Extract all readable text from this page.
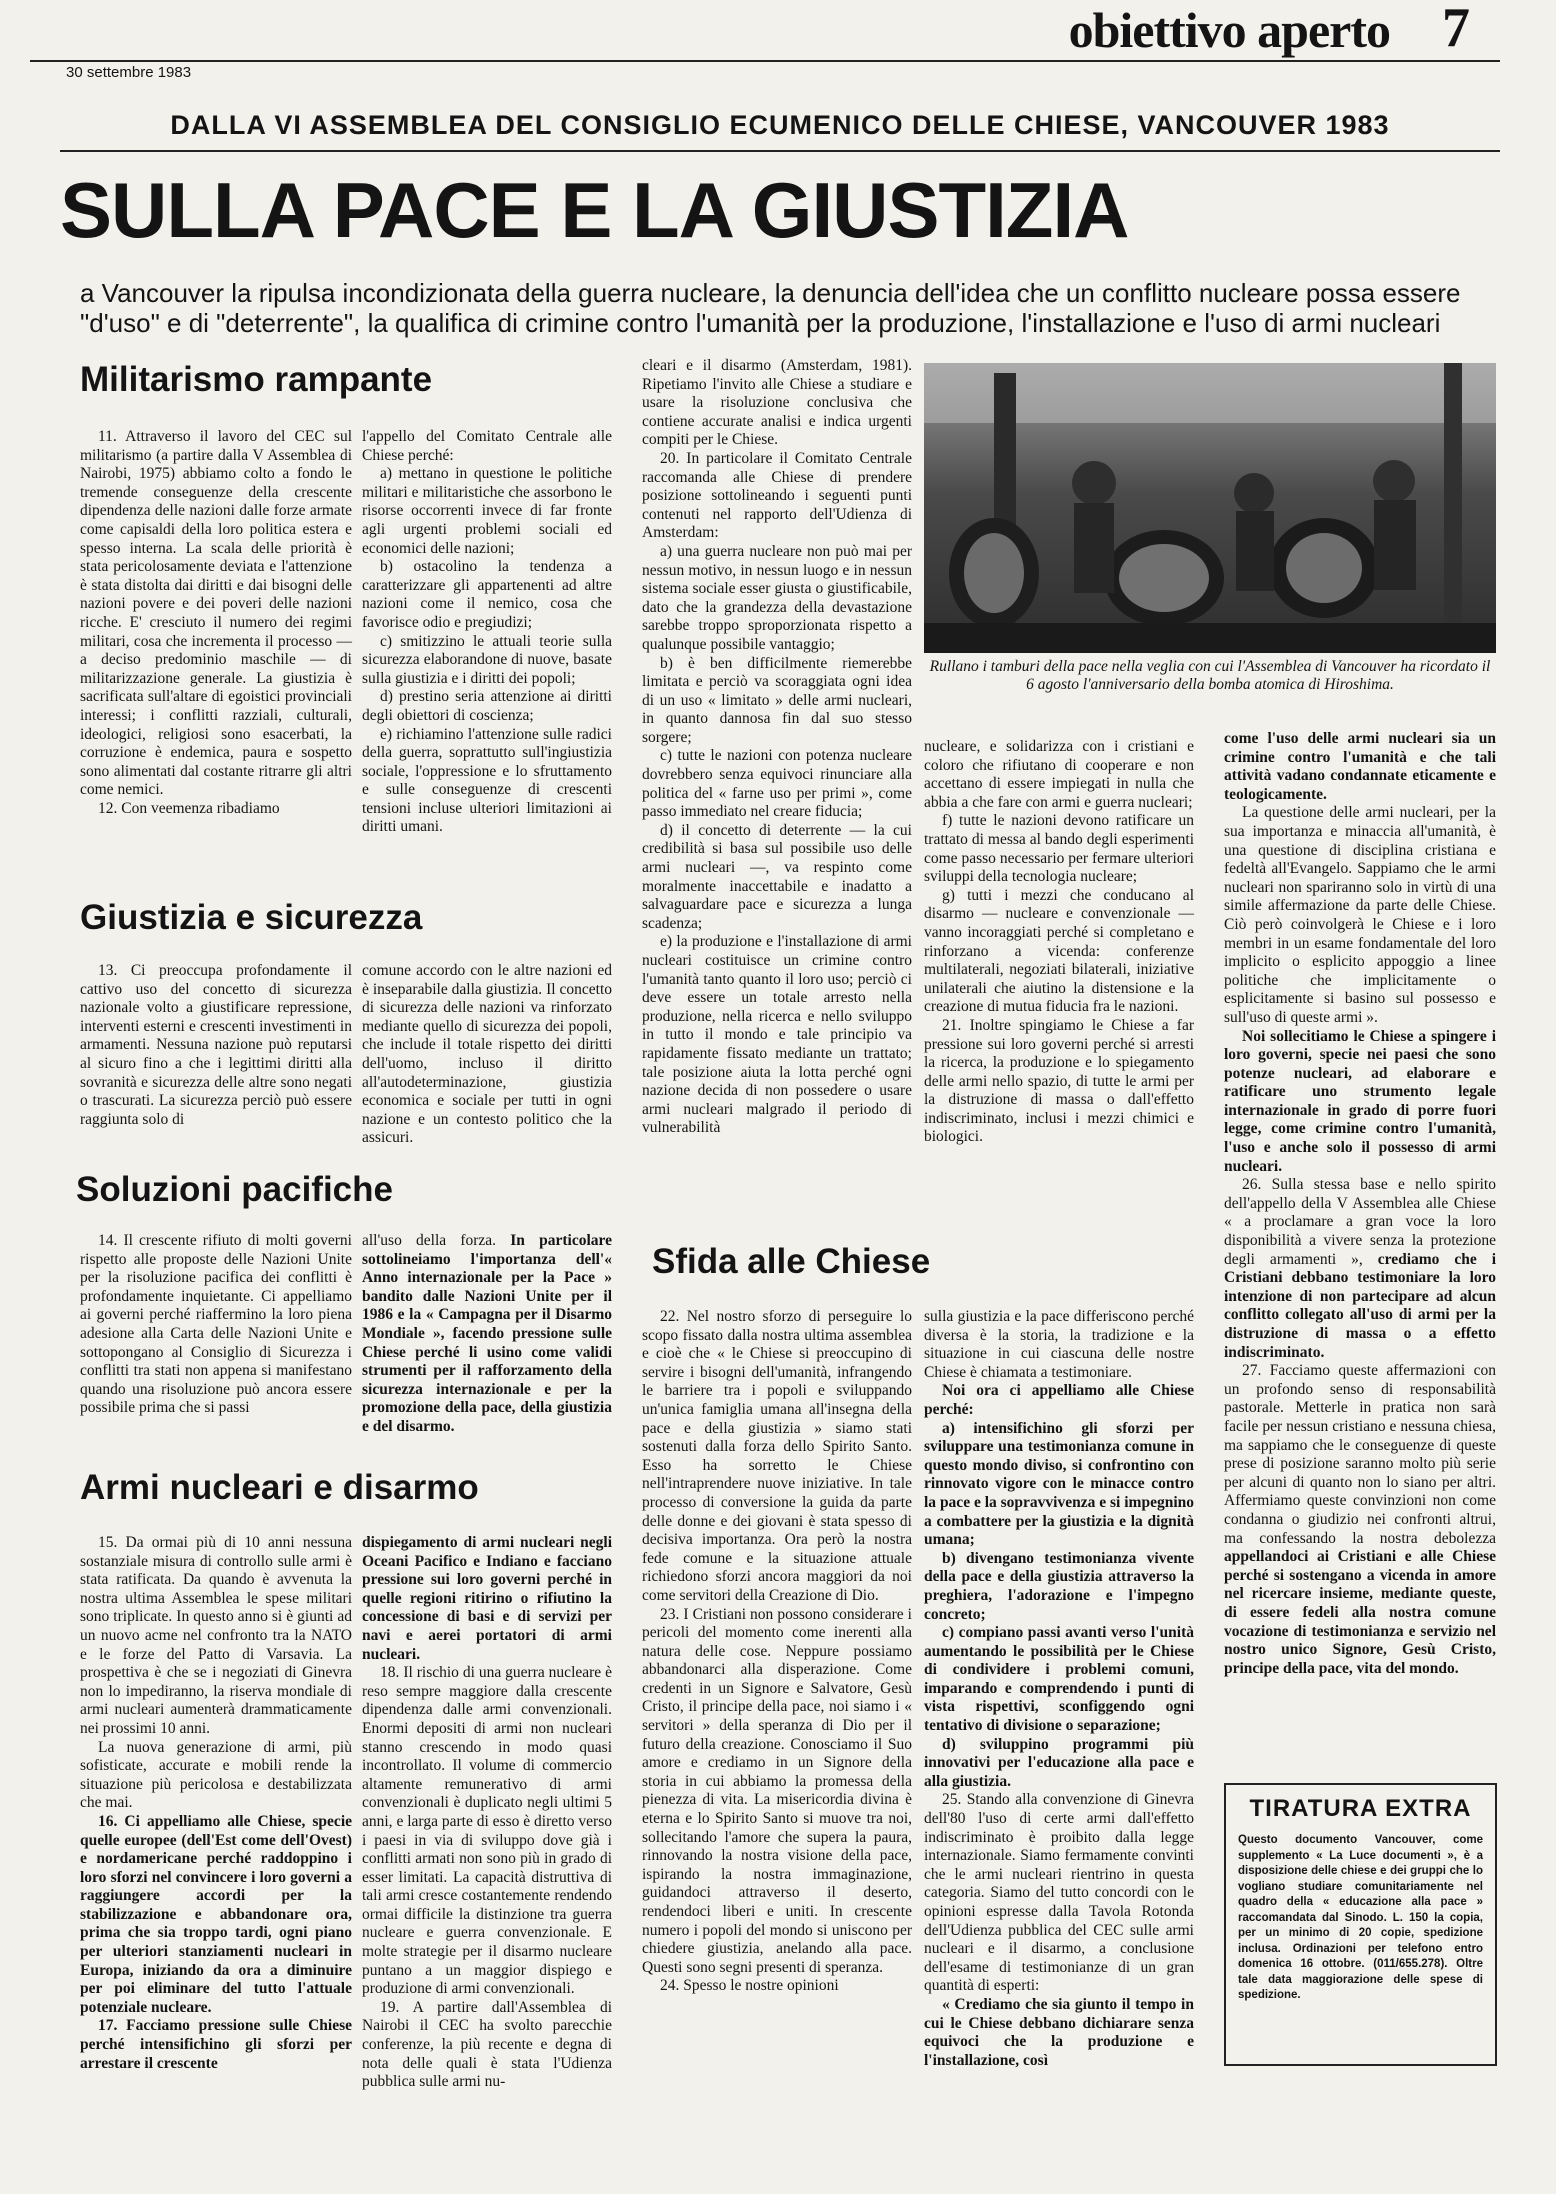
obiettivo aperto 7
30 settembre 1983
DALLA VI ASSEMBLEA DEL CONSIGLIO ECUMENICO DELLE CHIESE, VANCOUVER 1983
SULLA PACE E LA GIUSTIZIA
a Vancouver la ripulsa incondizionata della guerra nucleare, la denuncia dell'idea che un conflitto nucleare possa essere "d'uso" e di "deterrente", la qualifica di crimine contro l'umanità per la produzione, l'installazione e l'uso di armi nucleari
Militarismo rampante

11. Attraverso il lavoro del CEC sul militarismo (a partire dalla V Assemblea di Nairobi, 1975) abbiamo colto a fondo le tremende conseguenze della crescente dipendenza delle nazioni dalle forze armate come capisaldi della loro politica estera e spesso interna. La scala delle priorità è stata pericolosamente deviata e l'attenzione è stata distolta dai diritti e dai bisogni delle nazioni povere e dei poveri delle nazioni ricche. E' cresciuto il numero dei regimi militari, cosa che incrementa il processo — a deciso predominio maschile — di militarizzazione generale. La giustizia è sacrificata sull'altare di egoistici provinciali interessi; i conflitti razziali, culturali, ideologici, religiosi sono esacerbati, la corruzione è endemica, paura e sospetto sono alimentati dal costante ritrarre gli altri come nemici.

12. Con veemenza ribadiamo

l'appello del Comitato Centrale alle Chiese perché:

a) mettano in questione le politiche militari e militaristiche che assorbono le risorse occorrenti invece di far fronte agli urgenti problemi sociali ed economici delle nazioni;

b) ostacolino la tendenza a caratterizzare gli appartenenti ad altre nazioni come il nemico, cosa che favorisce odio e pregiudizi;

c) smitizzino le attuali teorie sulla sicurezza elaborandone di nuove, basate sulla giustizia e i diritti dei popoli;

d) prestino seria attenzione ai diritti degli obiettori di coscienza;

e) richiamino l'attenzione sulle radici della guerra, soprattutto sull'ingiustizia sociale, l'oppressione e lo sfruttamento e sulle conseguenze di crescenti tensioni incluse ulteriori limitazioni ai diritti umani.

Giustizia e sicurezza

13. Ci preoccupa profondamente il cattivo uso del concetto di sicurezza nazionale volto a giustificare repressione, interventi esterni e crescenti investimenti in armamenti. Nessuna nazione può reputarsi al sicuro fino a che i legittimi diritti alla sovranità e sicurezza delle altre sono negati o trascurati. La sicurezza perciò può essere raggiunta solo di

comune accordo con le altre nazioni ed è inseparabile dalla giustizia. Il concetto di sicurezza delle nazioni va rinforzato mediante quello di sicurezza dei popoli, che include il totale rispetto dei diritti dell'uomo, incluso il diritto all'autodeterminazione, giustizia economica e sociale per tutti in ogni nazione e un contesto politico che la assicuri.

Soluzioni pacifiche

14. Il crescente rifiuto di molti governi rispetto alle proposte delle Nazioni Unite per la risoluzione pacifica dei conflitti è profondamente inquietante. Ci appelliamo ai governi perché riaffermino la loro piena adesione alla Carta delle Nazioni Unite e sottopongano al Consiglio di Sicurezza i conflitti tra stati non appena si manifestano quando una risoluzione può ancora essere possibile prima che si passi

all'uso della forza. In particolare sottolineiamo l'importanza dell'« Anno internazionale per la Pace » bandito dalle Nazioni Unite per il 1986 e la « Campagna per il Disarmo Mondiale », facendo pressione sulle Chiese perché li usino come validi strumenti per il rafforzamento della sicurezza internazionale e per la promozione della pace, della giustizia e del disarmo.

Armi nucleari e disarmo

15. Da ormai più di 10 anni nessuna sostanziale misura di controllo sulle armi è stata ratificata. Da quando è avvenuta la nostra ultima Assemblea le spese militari sono triplicate. In questo anno si è giunti ad un nuovo acme nel confronto tra la NATO e le forze del Patto di Varsavia. La prospettiva è che se i negoziati di Ginevra non lo impediranno, la riserva mondiale di armi nucleari aumenterà drammaticamente nei prossimi 10 anni.

La nuova generazione di armi, più sofisticate, accurate e mobili rende la situazione più pericolosa e destabilizzata che mai.

16. Ci appelliamo alle Chiese, specie quelle europee (dell'Est come dell'Ovest) e nordamericane perché raddoppino i loro sforzi nel convincere i loro governi a raggiungere accordi per la stabilizzazione e abbandonare ora, prima che sia troppo tardi, ogni piano per ulteriori stanziamenti nucleari in Europa, iniziando da ora a diminuire per poi eliminare del tutto l'attuale potenziale nucleare.

17. Facciamo pressione sulle Chiese perché intensifichino gli sforzi per arrestare il crescente

dispiegamento di armi nucleari negli Oceani Pacifico e Indiano e facciano pressione sui loro governi perché in quelle regioni ritirino o rifiutino la concessione di basi e di servizi per navi e aerei portatori di armi nucleari.

18. Il rischio di una guerra nucleare è reso sempre maggiore dalla crescente dipendenza dalle armi convenzionali. Enormi depositi di armi non nucleari stanno crescendo in modo quasi incontrollato. Il volume di commercio altamente remunerativo di armi convenzionali è duplicato negli ultimi 5 anni, e larga parte di esso è diretto verso i paesi in via di sviluppo dove già i conflitti armati non sono più in grado di esser limitati. La capacità distruttiva di tali armi cresce costantemente rendendo ormai difficile la distinzione tra guerra nucleare e guerra convenzionale. E molte strategie per il disarmo nucleare puntano a un maggior dispiego e produzione di armi convenzionali.

19. A partire dall'Assemblea di Nairobi il CEC ha svolto parecchie conferenze, la più recente e degna di nota delle quali è stata l'Udienza pubblica sulle armi nu-

cleari e il disarmo (Amsterdam, 1981). Ripetiamo l'invito alle Chiese a studiare e usare la risoluzione conclusiva che contiene accurate analisi e indica urgenti compiti per le Chiese.

20. In particolare il Comitato Centrale raccomanda alle Chiese di prendere posizione sottolineando i seguenti punti contenuti nel rapporto dell'Udienza di Amsterdam:

a) una guerra nucleare non può mai per nessun motivo, in nessun luogo e in nessun sistema sociale esser giusta o giustificabile, dato che la grandezza della devastazione sarebbe troppo sproporzionata rispetto a qualunque possibile vantaggio;

b) è ben difficilmente riemerebbe limitata e perciò va scoraggiata ogni idea di un uso « limitato » delle armi nucleari, in quanto dannosa fin dal suo stesso sorgere;

c) tutte le nazioni con potenza nucleare dovrebbero senza equivoci rinunciare alla politica del « farne uso per primi », come passo immediato nel creare fiducia;

d) il concetto di deterrente — la cui credibilità si basa sul possibile uso delle armi nucleari —, va respinto come moralmente inaccettabile e inadatto a salvaguardare pace e sicurezza a lunga scadenza;

e) la produzione e l'installazione di armi nucleari costituisce un crimine contro l'umanità tanto quanto il loro uso; perciò ci deve essere un totale arresto nella produzione, nella ricerca e nello sviluppo in tutto il mondo e tale principio va rapidamente fissato mediante un trattato; tale posizione aiuta la lotta perché ogni nazione decida di non possedere o usare armi nucleari malgrado il periodo di vulnerabilità

Rullano i tamburi della pace nella veglia con cui l'Assemblea di Vancouver ha ricordato il 6 agosto l'anniversario della bomba atomica di Hiroshima.

nucleare, e solidarizza con i cristiani e coloro che rifiutano di cooperare e non accettano di essere impiegati in nulla che abbia a che fare con armi e guerra nucleari;

f) tutte le nazioni devono ratificare un trattato di messa al bando degli esperimenti come passo necessario per fermare ulteriori sviluppi della tecnologia nucleare;

g) tutti i mezzi che conducano al disarmo — nucleare e convenzionale — vanno incoraggiati perché si completano e rinforzano a vicenda: conferenze multilaterali, negoziati bilaterali, iniziative unilaterali che aiutino la distensione e la creazione di mutua fiducia fra le nazioni.

21. Inoltre spingiamo le Chiese a far pressione sui loro governi perché si arresti la ricerca, la produzione e lo spiegamento delle armi nello spazio, di tutte le armi per la distruzione di massa o dall'effetto indiscriminato, inclusi i mezzi chimici e biologici.

come l'uso delle armi nucleari sia un crimine contro l'umanità e che tali attività vadano condannate eticamente e teologicamente.

La questione delle armi nucleari, per la sua importanza e minaccia all'umanità, è una questione di disciplina cristiana e fedeltà all'Evangelo. Sappiamo che le armi nucleari non spariranno solo in virtù di una simile affermazione da parte delle Chiese. Ciò però coinvolgerà le Chiese e i loro membri in un esame fondamentale del loro implicito o esplicito appoggio a linee politiche che implicitamente o esplicitamente si basino sul possesso e sull'uso di queste armi ».

Noi sollecitiamo le Chiese a spingere i loro governi, specie nei paesi che sono potenze nucleari, ad elaborare e ratificare uno strumento legale internazionale in grado di porre fuori legge, come crimine contro l'umanità, l'uso e anche solo il possesso di armi nucleari.

26. Sulla stessa base e nello spirito dell'appello della V Assemblea alle Chiese « a proclamare a gran voce la loro disponibilità a vivere senza la protezione degli armamenti », crediamo che i Cristiani debbano testimoniare la loro intenzione di non partecipare ad alcun conflitto collegato all'uso di armi per la distruzione di massa o a effetto indiscriminato.

27. Facciamo queste affermazioni con un profondo senso di responsabilità pastorale. Metterle in pratica non sarà facile per nessun cristiano e nessuna chiesa, ma sappiamo che le conseguenze di queste prese di posizione saranno molto più serie per alcuni di quanto non lo siano per altri. Affermiamo queste convinzioni non come condanna o giudizio nei confronti altrui, ma confessando la nostra debolezza appellandoci ai Cristiani e alle Chiese perché si sostengano a vicenda in amore nel ricercare insieme, mediante queste, di essere fedeli alla nostra comune vocazione di testimonianza e servizio nel nostro unico Signore, Gesù Cristo, principe della pace, vita del mondo.

Sfida alle Chiese

22. Nel nostro sforzo di perseguire lo scopo fissato dalla nostra ultima assemblea e cioè che « le Chiese si preoccupino di servire i bisogni dell'umanità, infrangendo le barriere tra i popoli e sviluppando un'unica famiglia umana all'insegna della pace e della giustizia » siamo stati sostenuti dalla forza dello Spirito Santo. Esso ha sorretto le Chiese nell'intraprendere nuove iniziative. In tale processo di conversione la guida da parte delle donne e dei giovani è stata spesso di decisiva importanza. Ora però la nostra fede comune e la situazione attuale richiedono sforzi ancora maggiori da noi come servitori della Creazione di Dio.

23. I Cristiani non possono considerare i pericoli del momento come inerenti alla natura delle cose. Neppure possiamo abbandonarci alla disperazione. Come credenti in un Signore e Salvatore, Gesù Cristo, il principe della pace, noi siamo i « servitori » della speranza di Dio per il futuro della creazione. Conosciamo il Suo amore e crediamo in un Signore della storia in cui abbiamo la promessa della pienezza di vita. La misericordia divina è eterna e lo Spirito Santo si muove tra noi, sollecitando l'amore che supera la paura, rinnovando la nostra visione della pace, ispirando la nostra immaginazione, guidandoci attraverso il deserto, rendendoci liberi e uniti. In crescente numero i popoli del mondo si uniscono per chiedere giustizia, anelando alla pace. Questi sono segni presenti di speranza.

24. Spesso le nostre opinioni

sulla giustizia e la pace differiscono perché diversa è la storia, la tradizione e la situazione in cui ciascuna delle nostre Chiese è chiamata a testimoniare.

Noi ora ci appelliamo alle Chiese perché:

a) intensifichino gli sforzi per sviluppare una testimonianza comune in questo mondo diviso, si confrontino con rinnovato vigore con le minacce contro la pace e la sopravvivenza e si impegnino a combattere per la giustizia e la dignità umana;

b) divengano testimonianza vivente della pace e della giustizia attraverso la preghiera, l'adorazione e l'impegno concreto;

c) compiano passi avanti verso l'unità aumentando le possibilità per le Chiese di condividere i problemi comuni, imparando e comprendendo i punti di vista rispettivi, sconfiggendo ogni tentativo di divisione o separazione;

d) sviluppino programmi più innovativi per l'educazione alla pace e alla giustizia.

25. Stando alla convenzione di Ginevra dell'80 l'uso di certe armi dall'effetto indiscriminato è proibito dalla legge internazionale. Siamo fermamente convinti che le armi nucleari rientrino in questa categoria. Siamo del tutto concordi con le opinioni espresse dalla Tavola Rotonda dell'Udienza pubblica del CEC sulle armi nucleari e il disarmo, a conclusione dell'esame di testimonianze di un gran quantità di esperti:

« Crediamo che sia giunto il tempo in cui le Chiese debbano dichiarare senza equivoci che la produzione e l'installazione, così

TIRATURA EXTRA
Questo documento Vancouver, come supplemento « La Luce documenti », è a disposizione delle chiese e dei gruppi che lo vogliano studiare comunitariamente nel quadro della « educazione alla pace » raccomandata dal Sinodo. L. 150 la copia, per un minimo di 20 copie, spedizione inclusa. Ordinazioni per telefono entro domenica 16 ottobre. (011/655.278). Oltre tale data maggiorazione delle spese di spedizione.
